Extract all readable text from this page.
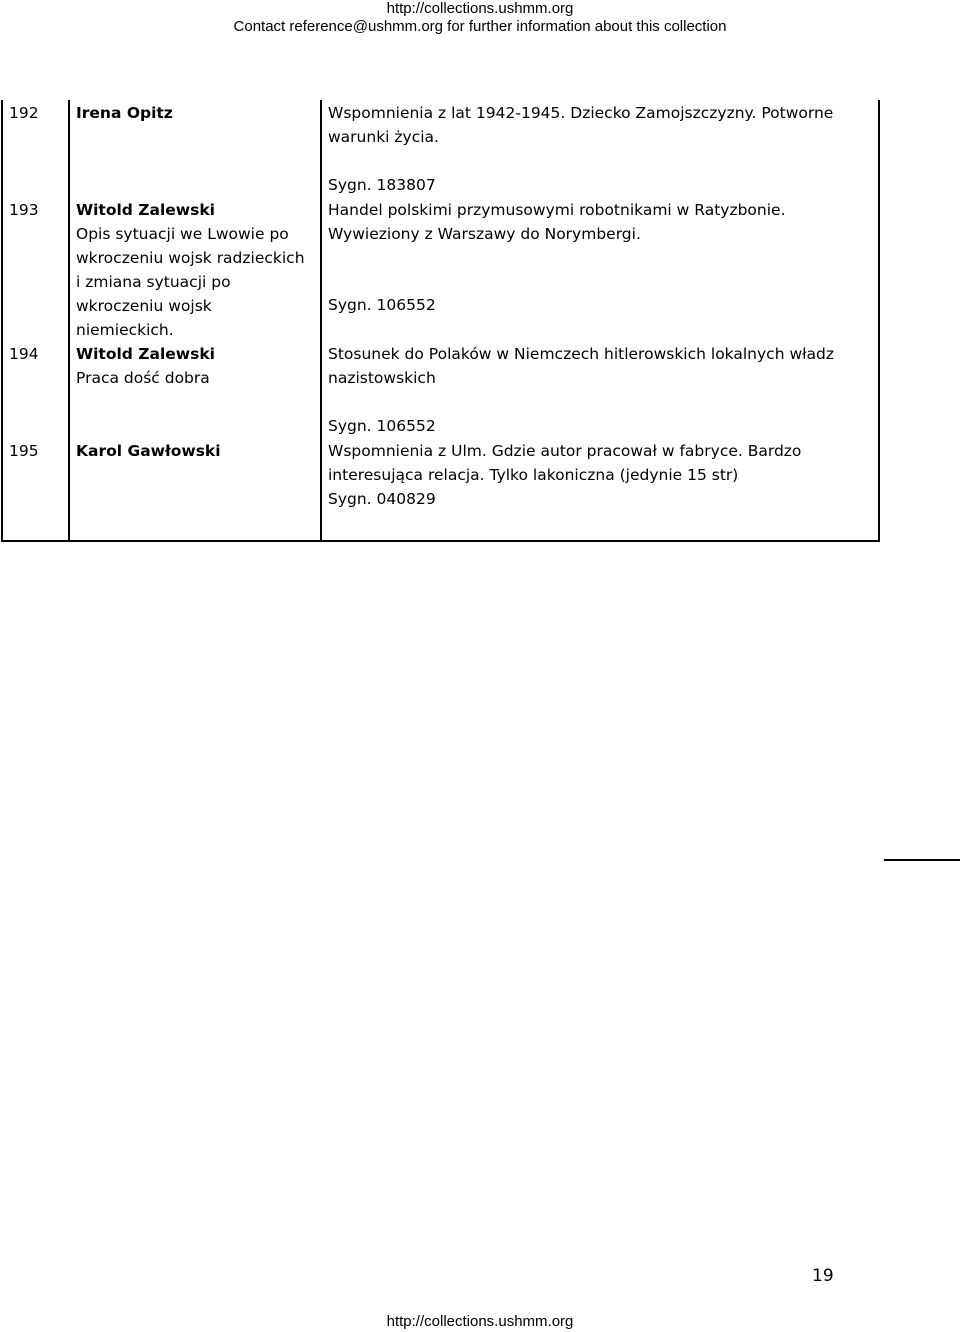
http://collections.ushmm.org
Contact reference@ushmm.org for further information about this collection
192 Irena Opitz	Wspomnienia z lat 1942-1945. Dziecko Zamojszczyzny. Potworne
warunki życia.
Sygn. 183807
193 Witold Zalewski
Opis sytuacji we Lwowie po
wkroczeniu wojsk radzieckich
i zmiana sytuacji po
wkroczeniu wojsk
niemieckich.
Handel polskimi przymusowymi robotnikami w Ratyzbonie.
Wywieziony z Warszawy do Norymbergi.
Sygn. 106552
194 Witold Zalewski
Praca dość dobra
Stosunek do Polaków w Niemczech hitlerowskich lokalnych władz
nazistowskich
Sygn. 106552
195 Karol Gawłowski	Wspomnienia z Ulm. Gdzie autor pracował w fabryce. Bardzo
interesująca relacja. Tylko lakoniczna (jedynie 15 str)
Sygn. 040829
19
http://collections.ushmm.org
